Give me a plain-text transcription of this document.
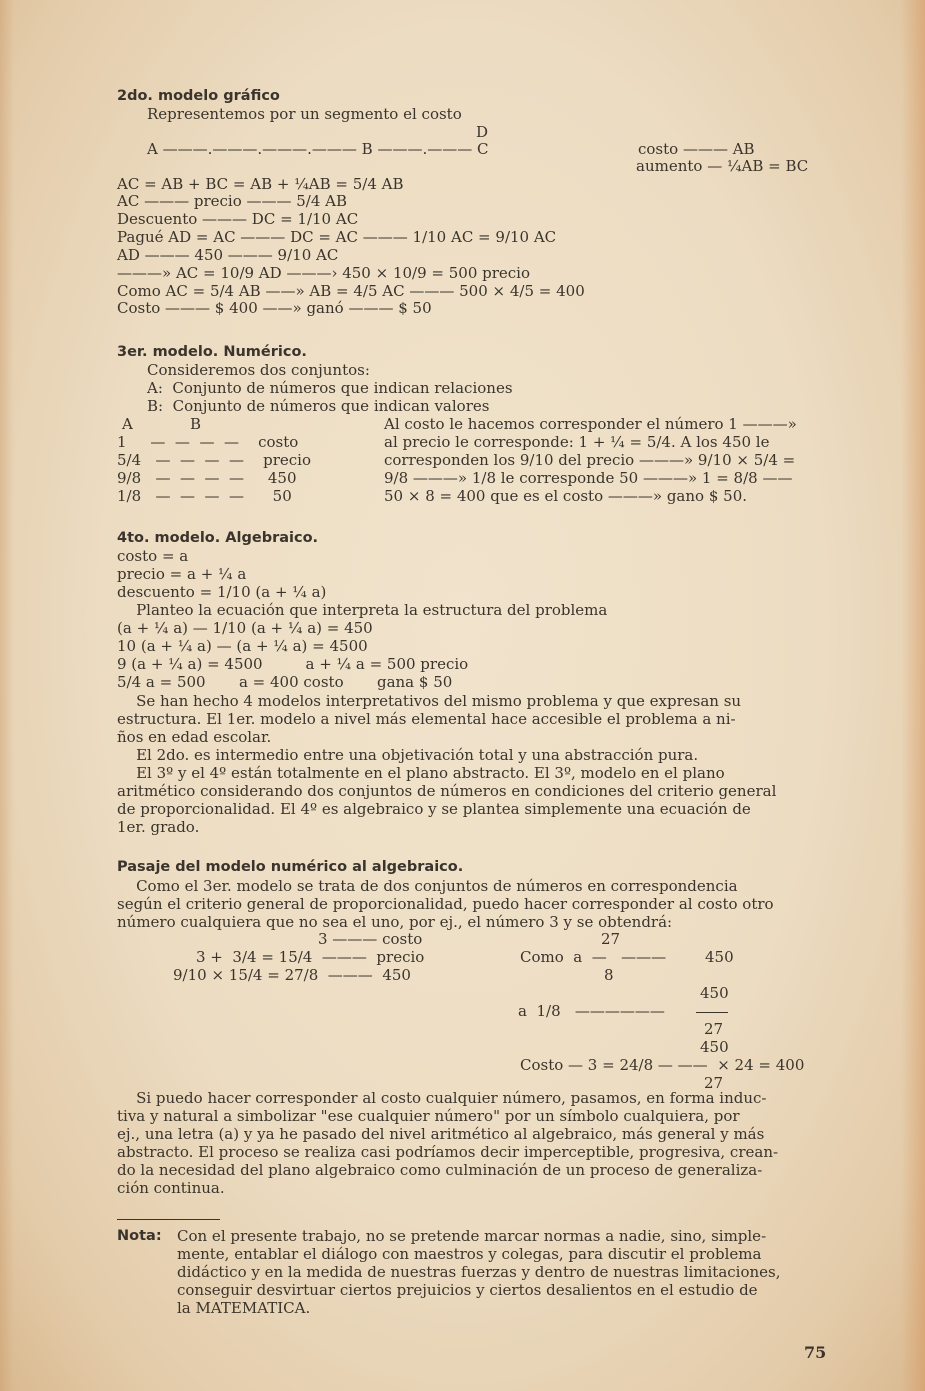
2do. modelo gráfico
Representemos por un segmento el costo
D
A ———.———.———.——— B ———.——— C	costo ——— AB
aumento — ¼AB = BC
AC = AB + BC = AB + ¼AB = 5/4 AB
AC ——— precio ——— 5/4 AB
Descuento ——— DC = 1/10 AC
Pagué AD = AC ——— DC = AC ——— 1/10 AC = 9/10 AC
AD ——— 450 ——— 9/10 AC
———» AC = 10/9 AD ———› 450 × 10/9 = 500 precio
Como AC = 5/4 AB ——» AB = 4/5 AC ——— 500 × 4/5 = 400
Costo ——— $ 400 ——» ganó ——— $ 50
3er. modelo. Numérico.
Consideremos dos conjuntos:
A:  Conjunto de números que indican relaciones
B:  Conjunto de números que indican valores
A            B
1     —  —  —  —    costo
5/4   —  —  —  —    precio
9/8   —  —  —  —     450
1/8   —  —  —  —      50
Al costo le hacemos corresponder el número 1 ———»
al precio le corresponde: 1 + ¼ = 5/4. A los 450 le
corresponden los 9/10 del precio ———» 9/10 × 5/4 =
9/8 ———» 1/8 le corresponde 50 ———» 1 = 8/8 ——
50 × 8 = 400 que es el costo ———» gano $ 50.
4to. modelo. Algebraico.
costo = a
precio = a + ¼ a
descuento = 1/10 (a + ¼ a)
Planteo la ecuación que interpreta la estructura del problema
(a + ¼ a) — 1/10 (a + ¼ a) = 450
10 (a + ¼ a) — (a + ¼ a) = 4500
9 (a + ¼ a) = 4500         a + ¼ a = 500 precio
5/4 a = 500       a = 400 costo       gana $ 50
Se han hecho 4 modelos interpretativos del mismo problema y que expresan su
estructura. El 1er. modelo a nivel más elemental hace accesible el problema a ni-
ños en edad escolar.
El 2do. es intermedio entre una objetivación total y una abstracción pura.
El 3º y el 4º están totalmente en el plano abstracto. El 3º, modelo en el plano
aritmético considerando dos conjuntos de números en condiciones del criterio general
de proporcionalidad. El 4º es algebraico y se plantea simplemente una ecuación de
1er. grado.
Pasaje del modelo numérico al algebraico.
Como el 3er. modelo se trata de dos conjuntos de números en correspondencia
según el criterio general de proporcionalidad, puedo hacer corresponder al costo otro
número cualquiera que no sea el uno, por ej., el número 3 y se obtendrá:
3 ——— costo
3 +  3/4 = 15/4  ———  precio
9/10 × 15/4 = 27/8  ———  450
27
Como  a  —   ———	450
8
450
a  1/8   ——————
27
450
Costo — 3 = 24/8 — ——  × 24 = 400
27
Si puedo hacer corresponder al costo cualquier número, pasamos, en forma induc-
tiva y natural a simbolizar "ese cualquier número" por un símbolo cualquiera, por
ej., una letra (a) y ya he pasado del nivel aritmético al algebraico, más general y más
abstracto. El proceso se realiza casi podríamos decir imperceptible, progresiva, crean-
do la necesidad del plano algebraico como culminación de un proceso de generaliza-
ción continua.
Nota: Con el presente trabajo, no se pretende marcar normas a nadie, sino, simple-
mente, entablar el diálogo con maestros y colegas, para discutir el problema
didáctico y en la medida de nuestras fuerzas y dentro de nuestras limitaciones,
conseguir desvirtuar ciertos prejuicios y ciertos desalientos en el estudio de
la MATEMATICA.
75
